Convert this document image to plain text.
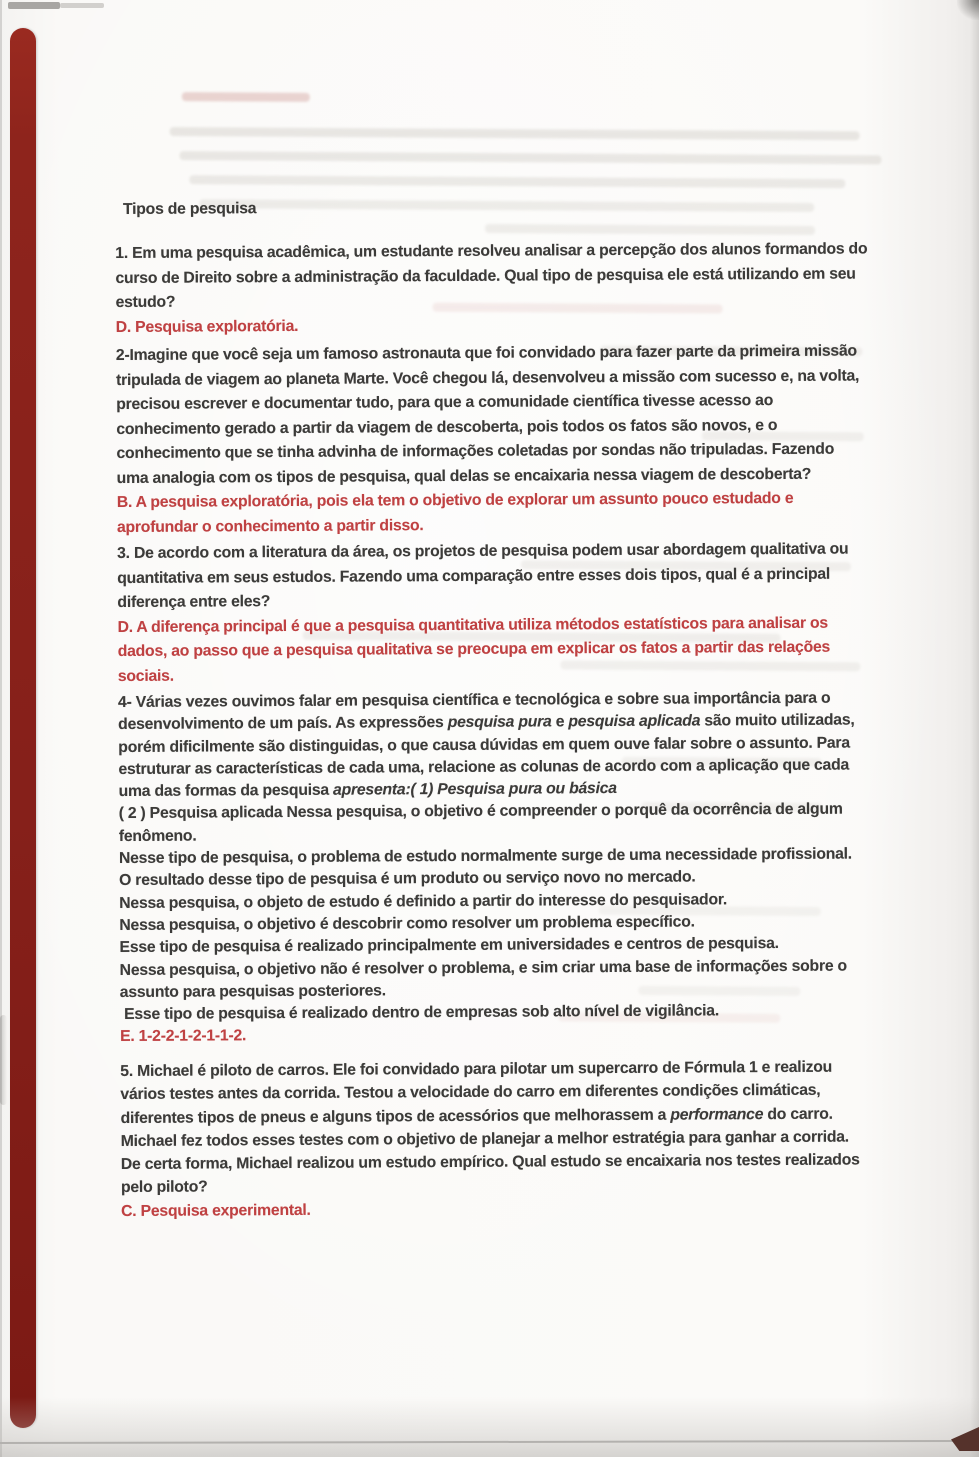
Tipos de pesquisa
1. Em uma pesquisa acadêmica, um estudante resolveu analisar a percepção dos alunos formandos do
curso de Direito sobre a administração da faculdade. Qual tipo de pesquisa ele está utilizando em seu
estudo?
D. Pesquisa exploratória.
2-Imagine que você seja um famoso astronauta que foi convidado para fazer parte da primeira missão
tripulada de viagem ao planeta Marte. Você chegou lá, desenvolveu a missão com sucesso e, na volta,
precisou escrever e documentar tudo, para que a comunidade científica tivesse acesso ao
conhecimento gerado a partir da viagem de descoberta, pois todos os fatos são novos, e o
conhecimento que se tinha advinha de informações coletadas por sondas não tripuladas. Fazendo
uma analogia com os tipos de pesquisa, qual delas se encaixaria nessa viagem de descoberta?
B. A pesquisa exploratória, pois ela tem o objetivo de explorar um assunto pouco estudado e
aprofundar o conhecimento a partir disso.
3. De acordo com a literatura da área, os projetos de pesquisa podem usar abordagem qualitativa ou
quantitativa em seus estudos. Fazendo uma comparação entre esses dois tipos, qual é a principal
diferença entre eles?
D. A diferença principal é que a pesquisa quantitativa utiliza métodos estatísticos para analisar os
dados, ao passo que a pesquisa qualitativa se preocupa em explicar os fatos a partir das relações
sociais.
4- Várias vezes ouvimos falar em pesquisa científica e tecnológica e sobre sua importância para o
desenvolvimento de um país. As expressões pesquisa pura e pesquisa aplicada são muito utilizadas,
porém dificilmente são distinguidas, o que causa dúvidas em quem ouve falar sobre o assunto. Para
estruturar as características de cada uma, relacione as colunas de acordo com a aplicação que cada
uma das formas da pesquisa apresenta:( 1) Pesquisa pura ou básica
( 2 ) Pesquisa aplicada Nessa pesquisa, o objetivo é compreender o porquê da ocorrência de algum
fenômeno.
Nesse tipo de pesquisa, o problema de estudo normalmente surge de uma necessidade profissional.
O resultado desse tipo de pesquisa é um produto ou serviço novo no mercado.
Nessa pesquisa, o objeto de estudo é definido a partir do interesse do pesquisador.
Nessa pesquisa, o objetivo é descobrir como resolver um problema específico.
Esse tipo de pesquisa é realizado principalmente em universidades e centros de pesquisa.
Nessa pesquisa, o objetivo não é resolver o problema, e sim criar uma base de informações sobre o
assunto para pesquisas posteriores.
Esse tipo de pesquisa é realizado dentro de empresas sob alto nível de vigilância.
E. 1-2-2-1-2-1-1-2.
5. Michael é piloto de carros. Ele foi convidado para pilotar um supercarro de Fórmula 1 e realizou
vários testes antes da corrida. Testou a velocidade do carro em diferentes condições climáticas,
diferentes tipos de pneus e alguns tipos de acessórios que melhorassem a performance do carro.
Michael fez todos esses testes com o objetivo de planejar a melhor estratégia para ganhar a corrida.
De certa forma, Michael realizou um estudo empírico. Qual estudo se encaixaria nos testes realizados
pelo piloto?
C. Pesquisa experimental.
